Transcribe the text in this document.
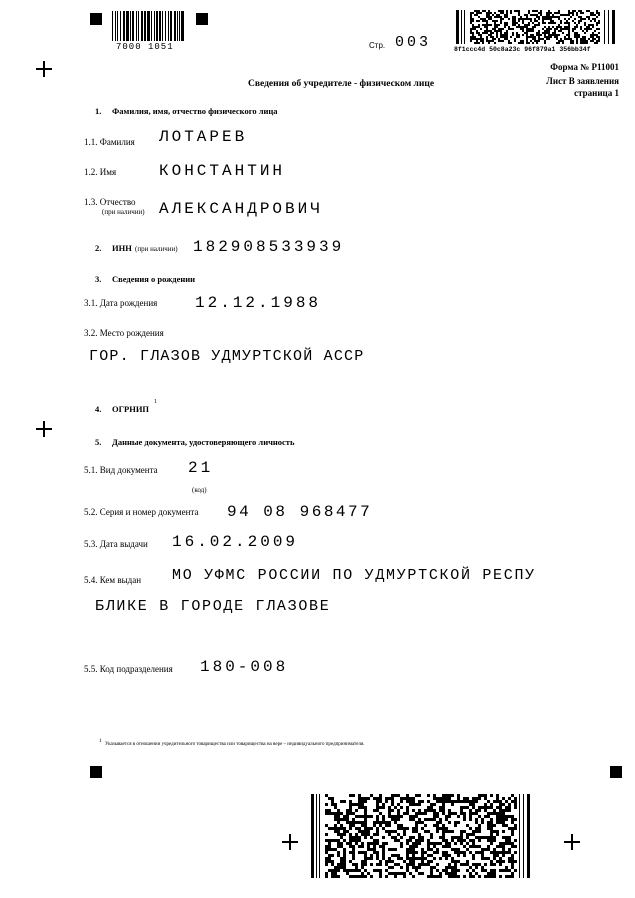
7000 1051	Стр. 003	8f1ccc4d 50c8a23c 96f879a1 356bb34f
Форма № Р11001
Лист В заявления
страница 1
Сведения об учредителе - физическом лице
1. Фамилия, имя, отчество физического лица
1.1. Фамилия ЛОТАРЕВ
1.2. Имя	КОНСТАНТИН
1.3. Отчество
(при наличии) АЛЕКСАНДРОВИЧ
2. ИНН (при наличии) 182908533939
3. Сведения о рождении
3.1. Дата рождения 12.12.1988
3.2. Место рождения
ГОР. ГЛАЗОВ УДМУРТСКОЙ АССР
4. ОГРНИП
1
5. Данные документа, удостоверяющего личность
5.1. Вид документа 21
(код)
5.2. Серия и номер документа 94 08 968477
5.3. Дата выдачи 16.02.2009
5.4. Кем выдан МО УФМС РОССИИ ПО УДМУРТСКОЙ РЕСПУ
БЛИКЕ В ГОРОДЕ ГЛАЗОВЕ
5.5. Код подразделения 180-008
1
Указывается в отношении учредительного товарищества или товарищества на вере – индивидуального предпринимателя.
